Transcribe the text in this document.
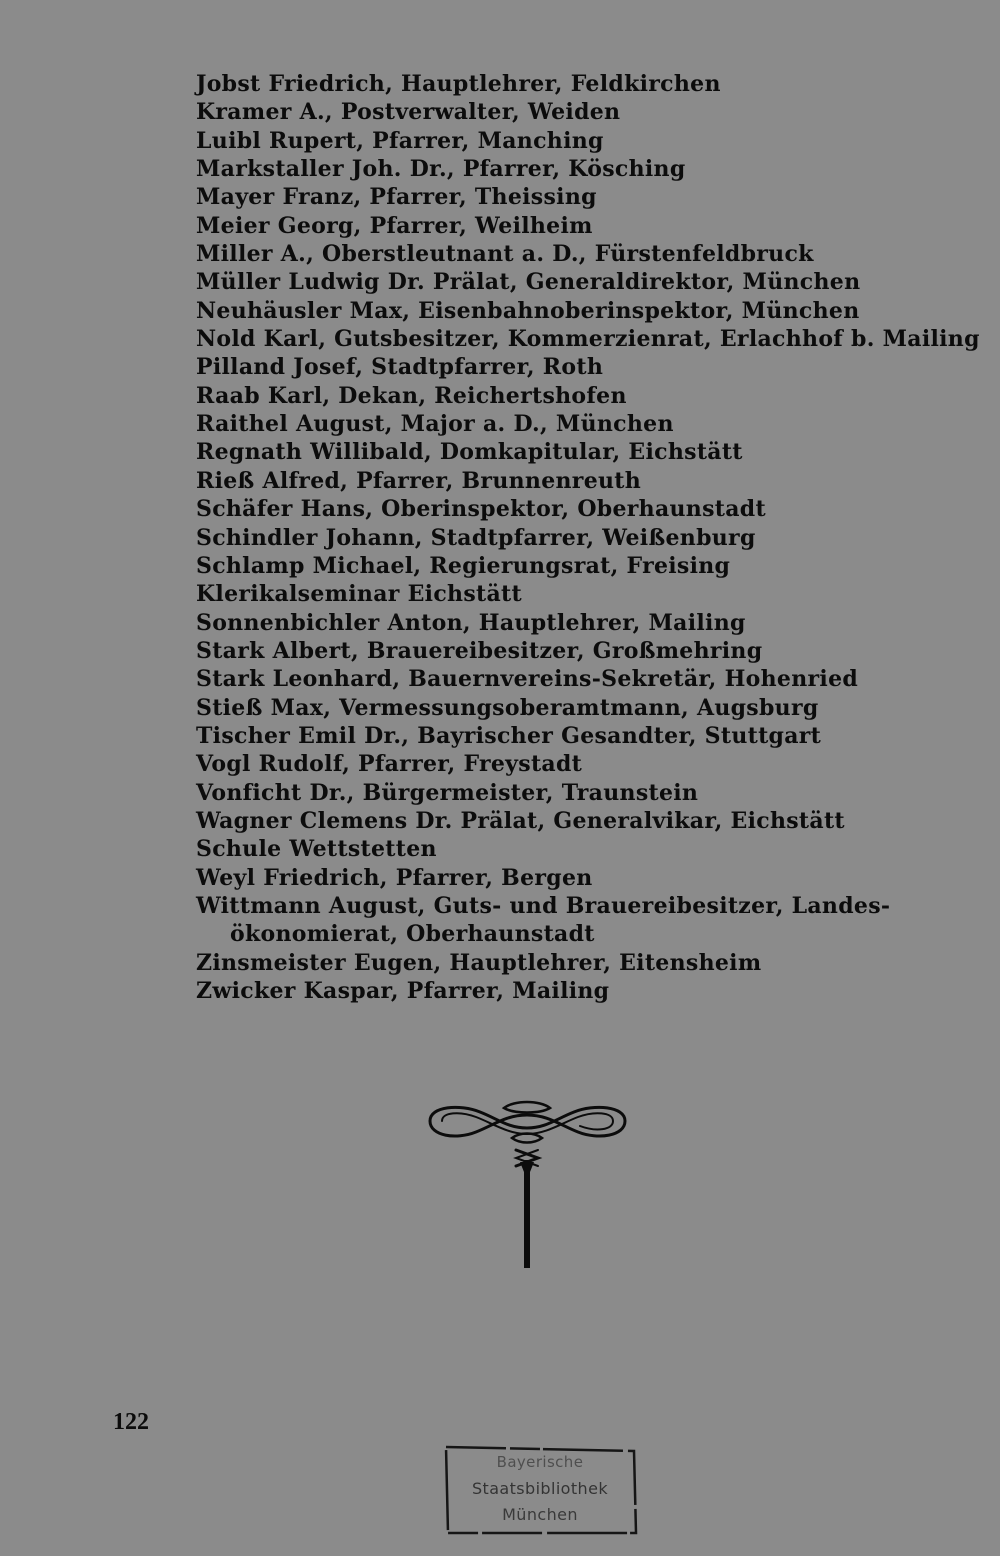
Jobst Friedrich, Hauptlehrer, Feldkirchen
Kramer A., Postverwalter, Weiden
Luibl Rupert, Pfarrer, Manching
Markstaller Joh. Dr., Pfarrer, Kösching
Mayer Franz, Pfarrer, Theissing
Meier Georg, Pfarrer, Weilheim
Miller A., Oberstleutnant a. D., Fürstenfeldbruck
Müller Ludwig Dr. Prälat, Generaldirektor, München
Neuhäusler Max, Eisenbahnoberinspektor, München
Nold Karl, Gutsbesitzer, Kommerzienrat, Erlachhof b. Mailing
Pilland Josef, Stadtpfarrer, Roth
Raab Karl, Dekan, Reichertshofen
Raithel August, Major a. D., München
Regnath Willibald, Domkapitular, Eichstätt
Rieß Alfred, Pfarrer, Brunnenreuth
Schäfer Hans, Oberinspektor, Oberhaunstadt
Schindler Johann, Stadtpfarrer, Weißenburg
Schlamp Michael, Regierungsrat, Freising
Klerikalseminar Eichstätt
Sonnenbichler Anton, Hauptlehrer, Mailing
Stark Albert, Brauereibesitzer, Großmehring
Stark Leonhard, Bauernvereins-Sekretär, Hohenried
Stieß Max, Vermessungsoberamtmann, Augsburg
Tischer Emil Dr., Bayrischer Gesandter, Stuttgart
Vogl Rudolf, Pfarrer, Freystadt
Vonficht Dr., Bürgermeister, Traunstein
Wagner Clemens Dr. Prälat, Generalvikar, Eichstätt
Schule Wettstetten
Weyl Friedrich, Pfarrer, Bergen
Wittmann August, Guts- und Brauereibesitzer, Landes-
ökonomierat, Oberhaunstadt
Zinsmeister Eugen, Hauptlehrer, Eitensheim
Zwicker Kaspar, Pfarrer, Mailing
122
Bayerische
Staatsbibliothek
München
